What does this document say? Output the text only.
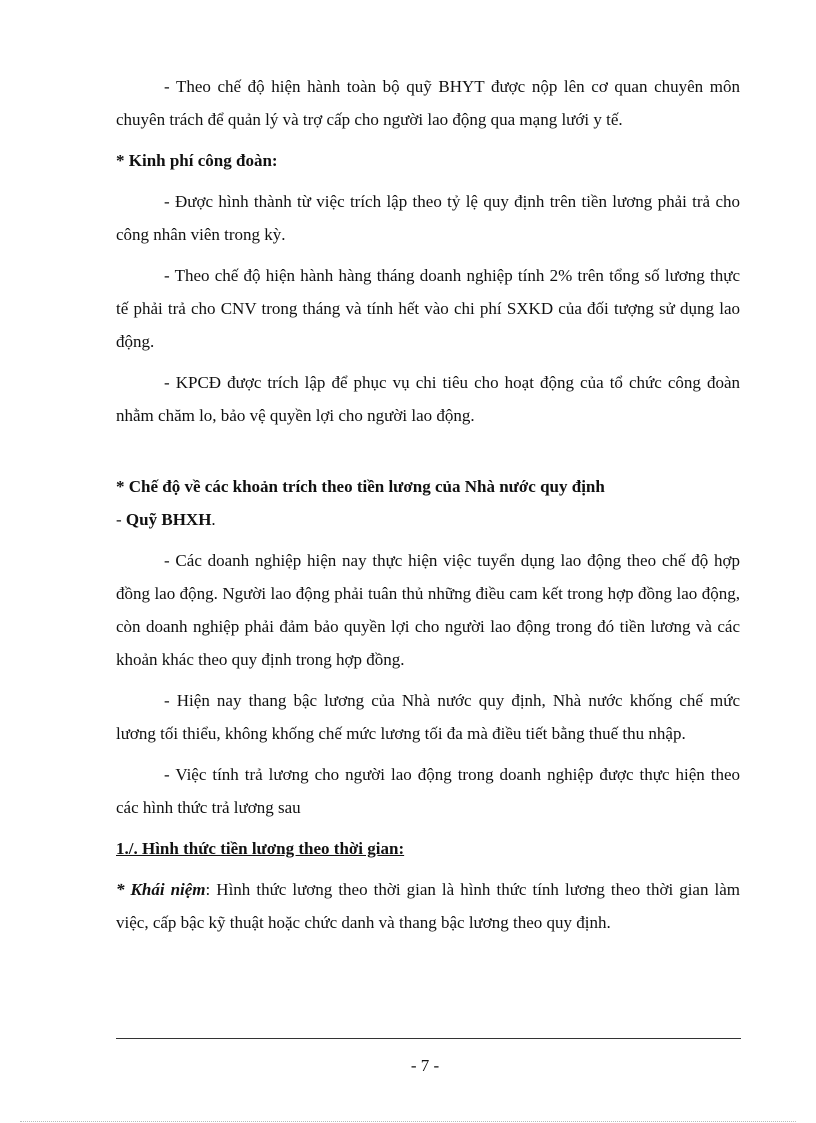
- Theo chế độ hiện hành toàn bộ quỹ BHYT được nộp lên cơ quan chuyên môn chuyên trách để quản lý và trợ cấp cho người lao động qua mạng lưới y tế.

* Kinh phí công đoàn:

- Được hình thành từ việc trích lập theo tỷ lệ quy định trên tiền lương phải trả cho công nhân viên trong kỳ.

- Theo chế độ hiện hành hàng tháng doanh nghiệp tính 2% trên tổng số lương thực tế phải trả cho CNV trong tháng và tính hết vào chi phí SXKD của đối tượng sử dụng lao động.

- KPCĐ được trích lập để phục vụ chi tiêu cho hoạt động của tổ chức công đoàn nhằm chăm lo, bảo vệ quyền lợi cho người lao động.

* Chế độ về các khoản trích theo tiền lương của Nhà nước quy định

- Quỹ BHXH.

- Các doanh nghiệp hiện nay thực hiện việc tuyển dụng lao động theo chế độ hợp đồng lao động. Người lao động phải tuân thủ những điều cam kết trong hợp đồng lao động, còn doanh nghiệp phải đảm bảo quyền lợi cho người lao động trong đó tiền lương và các khoản khác theo quy định trong hợp đồng.

- Hiện nay thang bậc lương của Nhà nước quy định, Nhà nước khống chế mức lương tối thiểu, không khống chế mức lương tối đa mà điều tiết bằng thuế thu nhập.

- Việc tính trả lương cho người lao động trong doanh nghiệp được thực hiện theo các hình thức trả lương sau

1./. Hình thức tiền lương theo thời gian:

* Khái niệm: Hình thức lương theo thời gian là hình thức tính lương theo thời gian làm việc, cấp bậc kỹ thuật hoặc chức danh và thang bậc lương theo quy định.

- 7 -
